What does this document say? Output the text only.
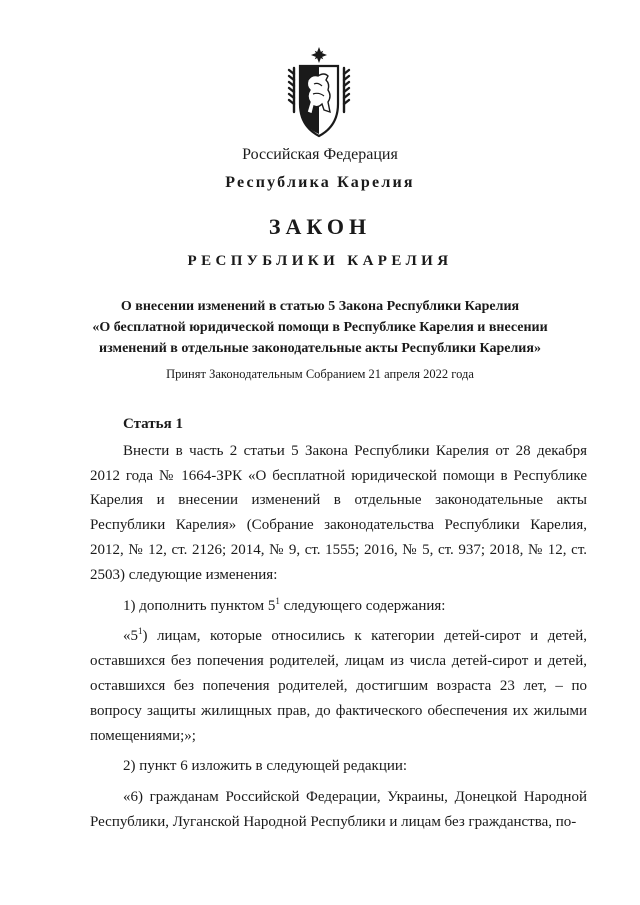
Российская Федерация
Республика Карелия
ЗАКОН
РЕСПУБЛИКИ КАРЕЛИЯ
О внесении изменений в статью 5 Закона Республики Карелия
«О бесплатной юридической помощи в Республике Карелия и внесении
изменений в отдельные законодательные акты Республики Карелия»
Принят Законодательным Собранием 21 апреля 2022 года

Статья 1

Внести в часть 2 статьи 5 Закона Республики Карелия от 28 декабря 2012 года № 1664-ЗРК «О бесплатной юридической помощи в Республике Карелия и внесении изменений в отдельные законодательные акты Республики Карелия» (Собрание законодательства Республики Карелия, 2012, № 12, ст. 2126; 2014, № 9, ст. 1555; 2016, № 5, ст. 937; 2018, № 12, ст. 2503) следующие изменения:

1) дополнить пунктом $5^1$ следующего содержания:

«$5^1$) лицам, которые относились к категории детей-сирот и детей, оставшихся без попечения родителей, лицам из числа детей-сирот и детей, оставшихся без попечения родителей, достигшим возраста 23 лет, – по вопросу защиты жилищных прав, до фактического обеспечения их жилыми помещениями;»;

2) пункт 6 изложить в следующей редакции:

«6) гражданам Российской Федерации, Украины, Донецкой Народной Республики, Луганской Народной Республики и лицам без гражданства, по-
